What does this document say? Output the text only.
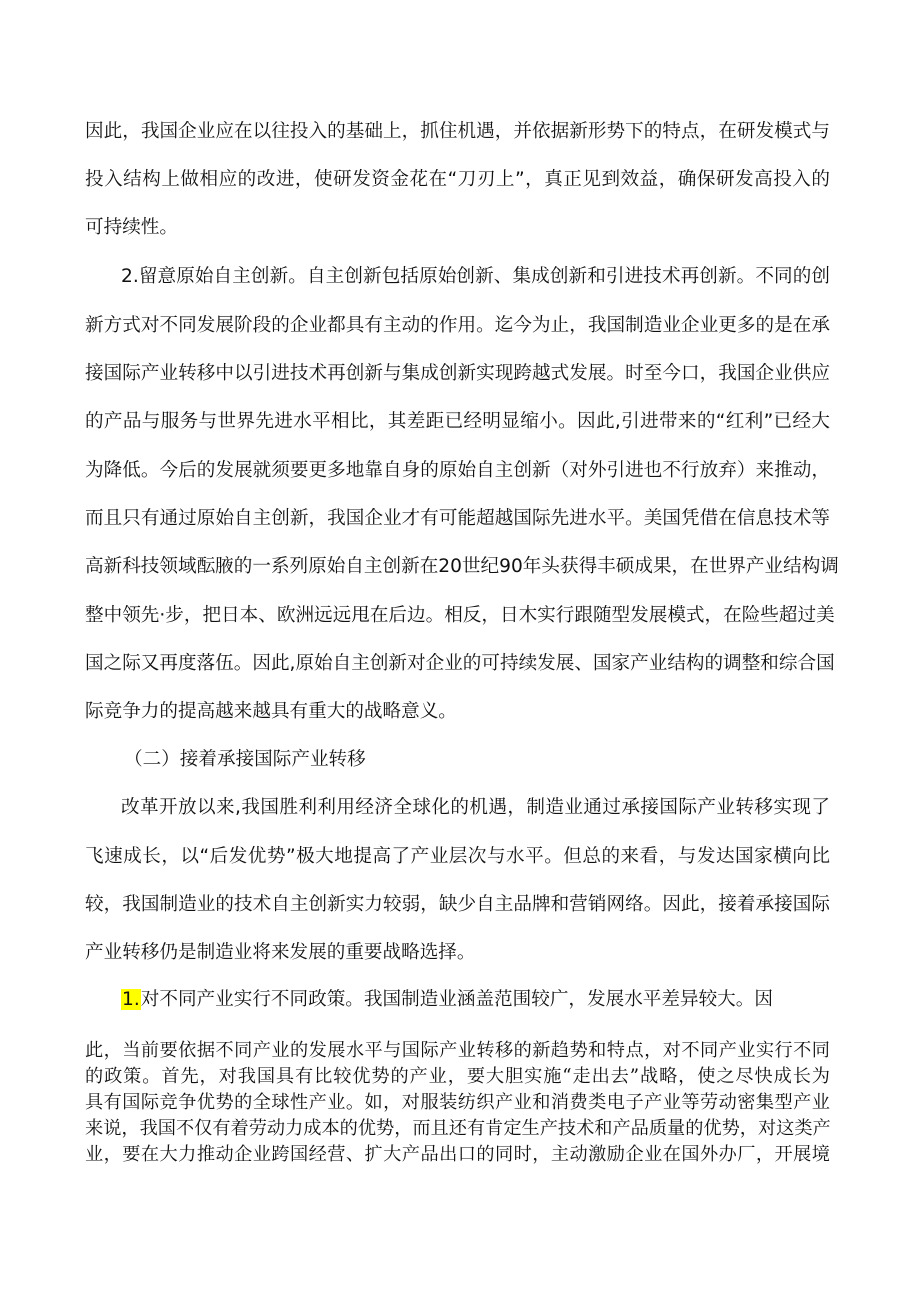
因此，我国企业应在以往投入的基础上，抓住机遇，并依据新形势下的特点，在研发模式与
投入结构上做相应的改进，使研发资金花在“刀刃上”，真正见到效益，确保研发高投入的
可持续性。
2.留意原始自主创新。自主创新包括原始创新、集成创新和引进技术再创新。不同的创
新方式对不同发展阶段的企业都具有主动的作用。迄今为止，我国制造业企业更多的是在承
接国际产业转移中以引进技术再创新与集成创新实现跨越式发展。时至今口，我国企业供应
的产品与服务与世界先进水平相比，其差距已经明显缩小。因此,引进带来的“红利”已经大
为降低。今后的发展就须要更多地靠自身的原始自主创新（对外引进也不行放弃）来推动，
而且只有通过原始自主创新，我国企业才有可能超越国际先进水平。美国凭借在信息技术等
高新科技领域酝腋的一系列原始自主创新在20世纪90年头获得丰硕成果，在世界产业结构调
整中领先·步，把日本、欧洲远远甩在后边。相反，日木实行跟随型发展模式，在险些超过美
国之际又再度落伍。因此,原始自主创新对企业的可持续发展、国家产业结构的调整和综合国
际竞争力的提高越来越具有重大的战略意义。
（二）接着承接国际产业转移
改革开放以来,我国胜利利用经济全球化的机遇，制造业通过承接国际产业转移实现了
飞速成长，以“后发优势”极大地提高了产业层次与水平。但总的来看，与发达国家横向比
较，我国制造业的技术自主创新实力较弱，缺少自主品牌和营销网络。因此，接着承接国际
产业转移仍是制造业将来发展的重要战略选择。
1.对不同产业实行不同政策。我国制造业涵盖范围较广，发展水平差异较大。因
此，当前要依据不同产业的发展水平与国际产业转移的新趋势和特点，对不同产业实行不同
的政策。首先，对我国具有比较优势的产业，要大胆实施“走出去”战略，使之尽快成长为
具有国际竞争优势的全球性产业。如，对服装纺织产业和消费类电子产业等劳动密集型产业
来说，我国不仅有着劳动力成本的优势，而且还有肯定生产技术和产品质量的优势，对这类产
业，要在大力推动企业跨国经营、扩大产品出口的同时，主动激励企业在国外办厂，开展境
